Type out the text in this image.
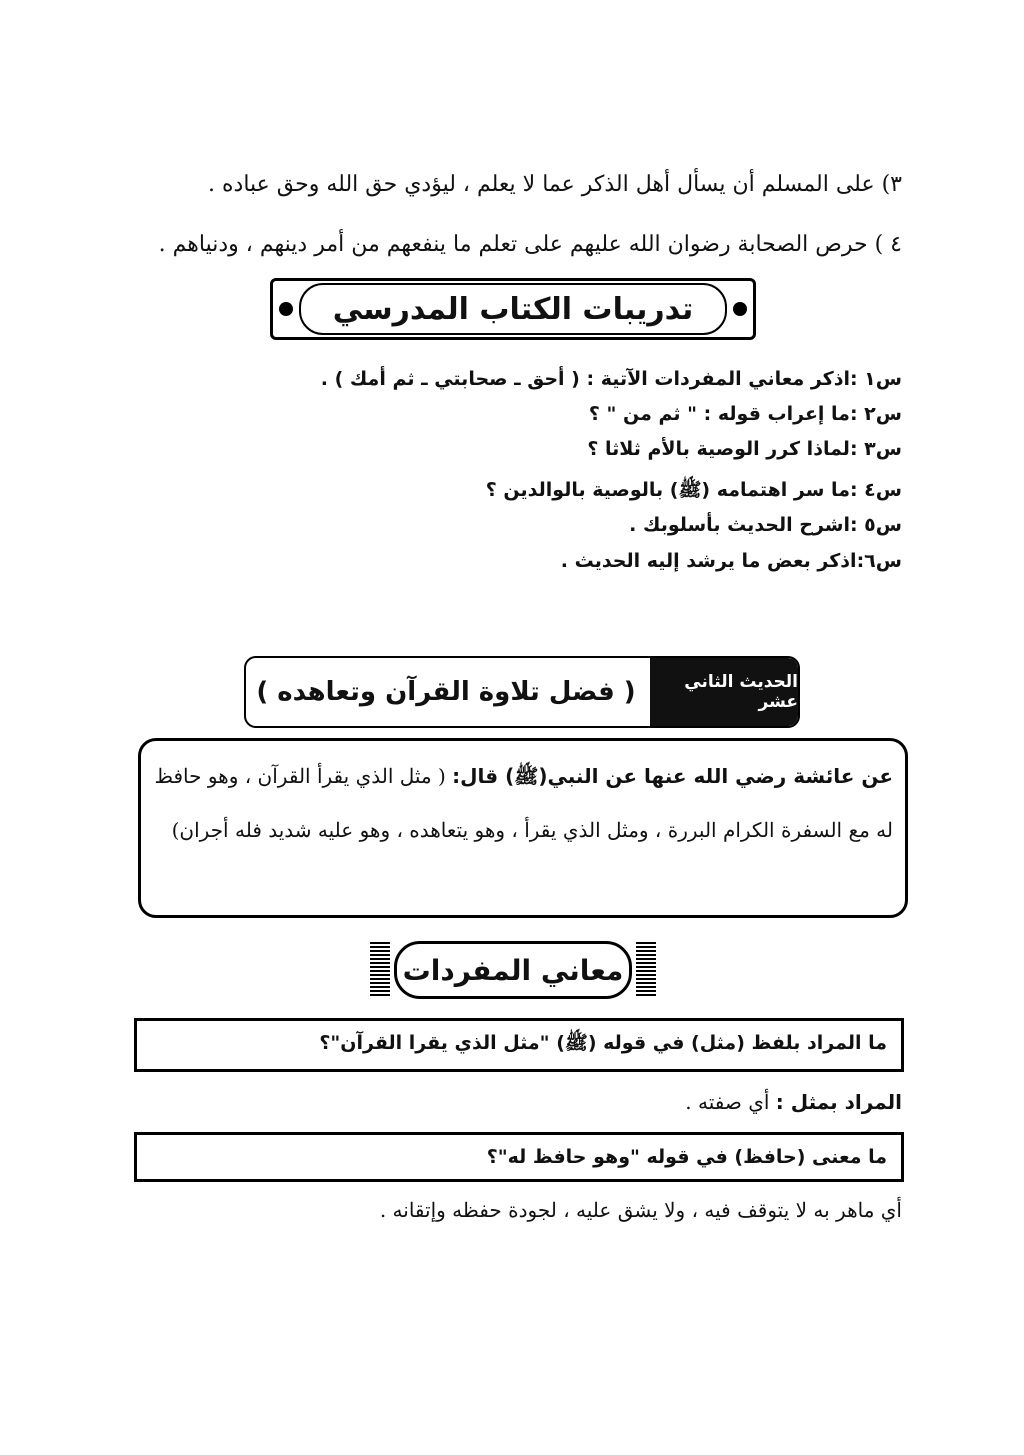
٣) على المسلم أن يسأل أهل الذكر عما لا يعلم ، ليؤدي حق الله وحق عباده .
٤ ) حرص الصحابة رضوان الله عليهم على تعلم ما ينفعهم من أمر دينهم ، ودنياهم .
تدريبات الكتاب المدرسي
س١ :اذكر معاني المفردات الآتية : ( أحق ـ صحابتي ـ ثم أمك ) .
س٢ :ما إعراب قوله : " ثم من " ؟
س٣ :لماذا كرر الوصية بالأم ثلاثا ؟
س٤ :ما سر اهتمامه (ﷺ) بالوصية بالوالدين ؟
س٥ :اشرح الحديث بأسلوبك .
س٦:اذكر بعض ما يرشد إليه الحديث .
الحديث الثاني عشر
( فضل تلاوة القرآن وتعاهده )
عن عائشة رضي الله عنها عن النبي(ﷺ) قال: ( مثل الذي يقرأ القرآن ، وهو حافظ له مع السفرة الكرام البررة ، ومثل الذي يقرأ ، وهو يتعاهده ، وهو عليه شديد فله أجران)
معاني المفردات
ما المراد بلفظ (مثل) في قوله (ﷺ) "مثل الذي يقرا القرآن"؟
المراد بمثل : أي صفته .
ما معنى (حافظ) في قوله "وهو حافظ له"؟
أي ماهر به لا يتوقف فيه ، ولا يشق عليه ، لجودة حفظه وإتقانه .
